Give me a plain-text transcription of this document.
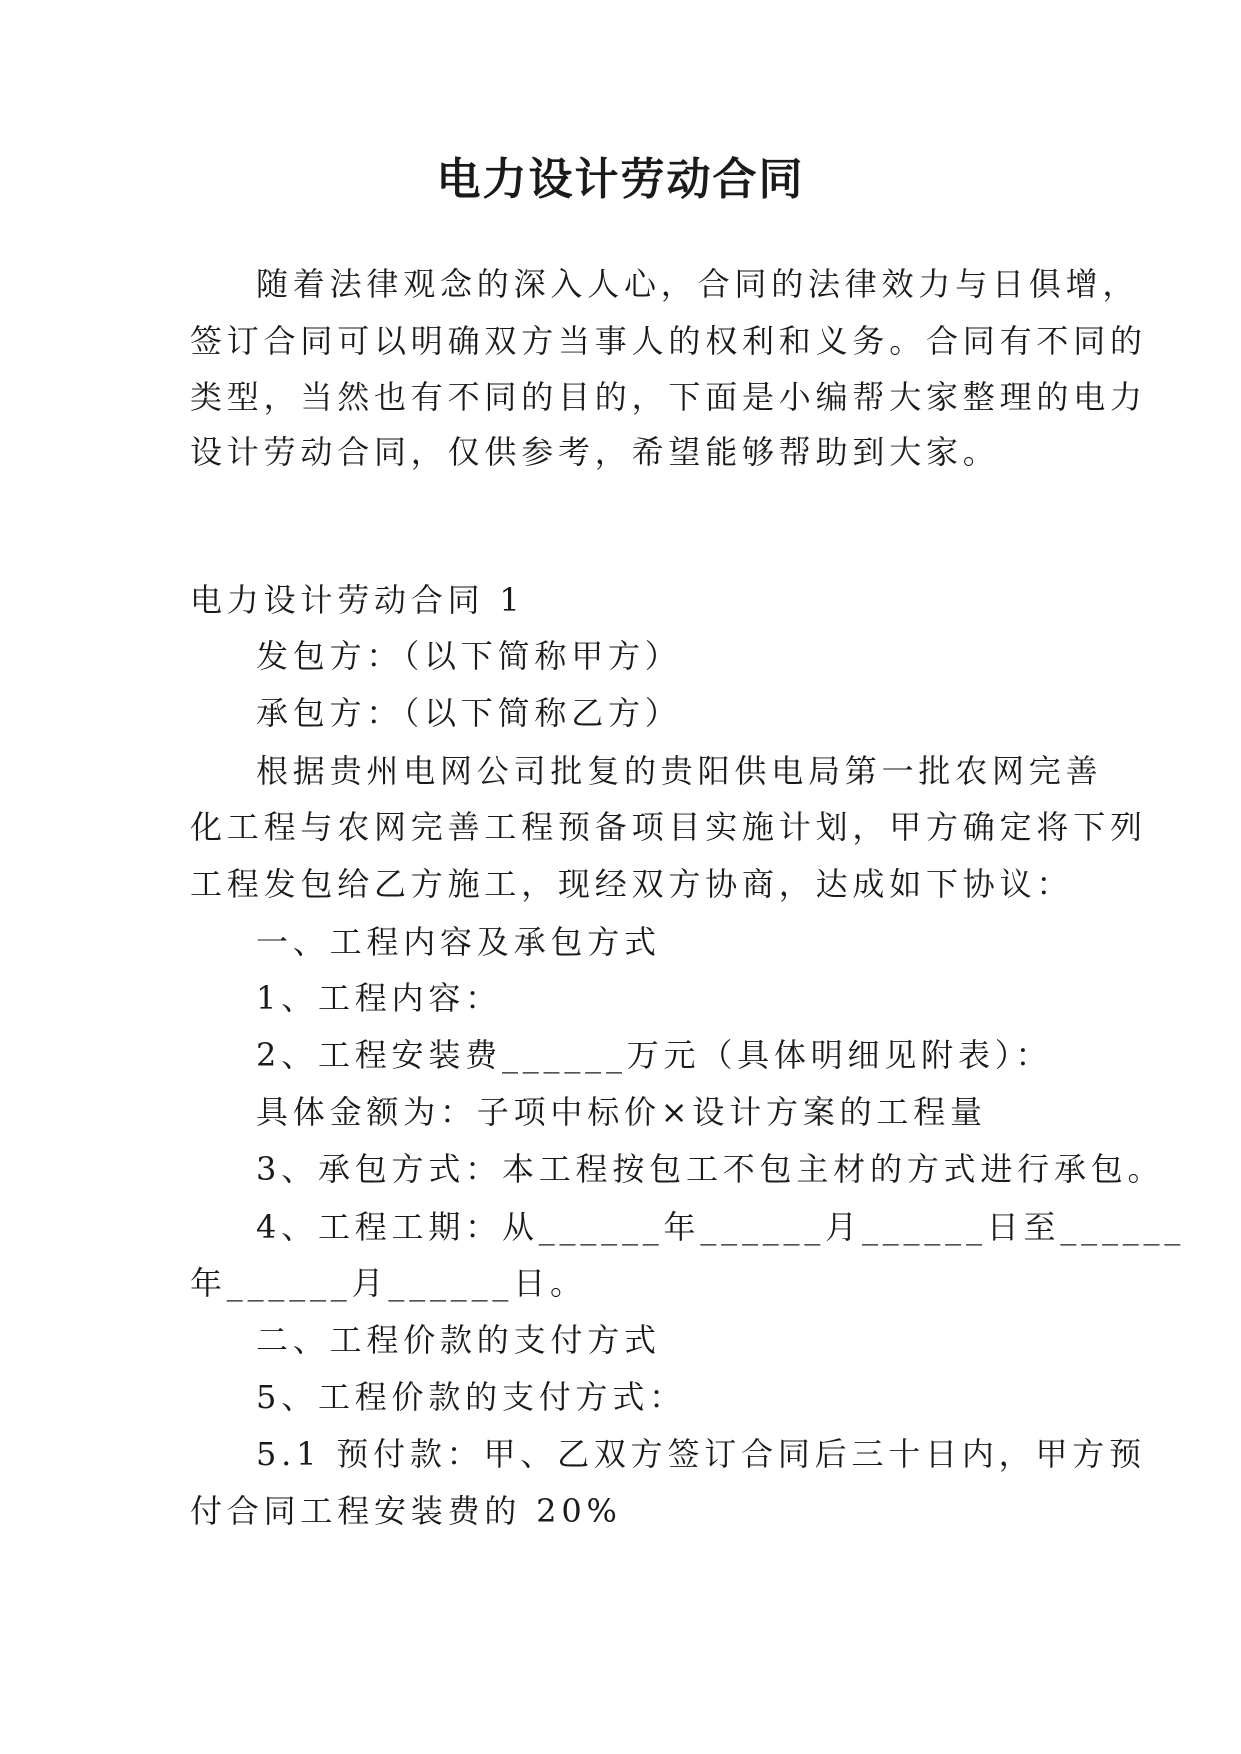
电力设计劳动合同
随着法律观念的深入人心，合同的法律效力与日俱增，
签订合同可以明确双方当事人的权利和义务。合同有不同的
类型，当然也有不同的目的，下面是小编帮大家整理的电力
设计劳动合同，仅供参考，希望能够帮助到大家。
电力设计劳动合同 1
发包方：（以下简称甲方）
承包方：（以下简称乙方）
根据贵州电网公司批复的贵阳供电局第一批农网完善
化工程与农网完善工程预备项目实施计划，甲方确定将下列
工程发包给乙方施工，现经双方协商，达成如下协议：
一、工程内容及承包方式
1、工程内容：
2、工程安装费______万元（具体明细见附表）：
具体金额为：子项中标价×设计方案的工程量
3、承包方式：本工程按包工不包主材的方式进行承包。
4、工程工期：从______年______月______日至______
年______月______日。
二、工程价款的支付方式
5、工程价款的支付方式：
5.1 预付款：甲、乙双方签订合同后三十日内，甲方预
付合同工程安装费的 20%
